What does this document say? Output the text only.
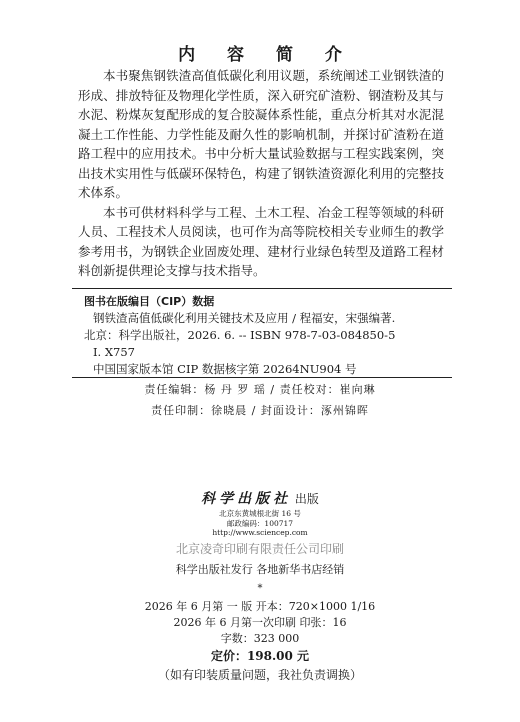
内 容 简 介

本书聚焦钢铁渣高值低碳化利用议题，系统阐述工业钢铁渣的形成、排放特征及物理化学性质，深入研究矿渣粉、钢渣粉及其与水泥、粉煤灰复配形成的复合胶凝体系性能，重点分析其对水泥混凝土工作性能、力学性能及耐久性的影响机制，并探讨矿渣粉在道路工程中的应用技术。书中分析大量试验数据与工程实践案例，突出技术实用性与低碳环保特色，构建了钢铁渣资源化利用的完整技术体系。

本书可供材料科学与工程、土木工程、冶金工程等领域的科研人员、工程技术人员阅读，也可作为高等院校相关专业师生的教学参考用书，为钢铁企业固废处理、建材行业绿色转型及道路工程材料创新提供理论支撑与技术指导。

图书在版编目（CIP）数据
钢铁渣高值低碳化利用关键技术及应用 / 程福安，宋强编著.
北京：科学出版社，2026. 6. -- ISBN 978-7-03-084850-5
Ⅰ. X757
中国国家版本馆 CIP 数据核字第 20264NU904 号
责任编辑：杨 丹 罗 瑶 / 责任校对：崔向琳
责任印制：徐晓晨 / 封面设计：涿州锦晖
科学出版社 出版
北京东黄城根北街 16 号
邮政编码：100717
http://www.sciencep.com
北京凌奇印刷有限责任公司印刷
科学出版社发行 各地新华书店经销
*
2026 年 6 月第 一 版 开本：720×1000 1/16
2026 年 6 月第一次印刷 印张：16
字数：323 000
定价：198.00 元
（如有印装质量问题，我社负责调换）
